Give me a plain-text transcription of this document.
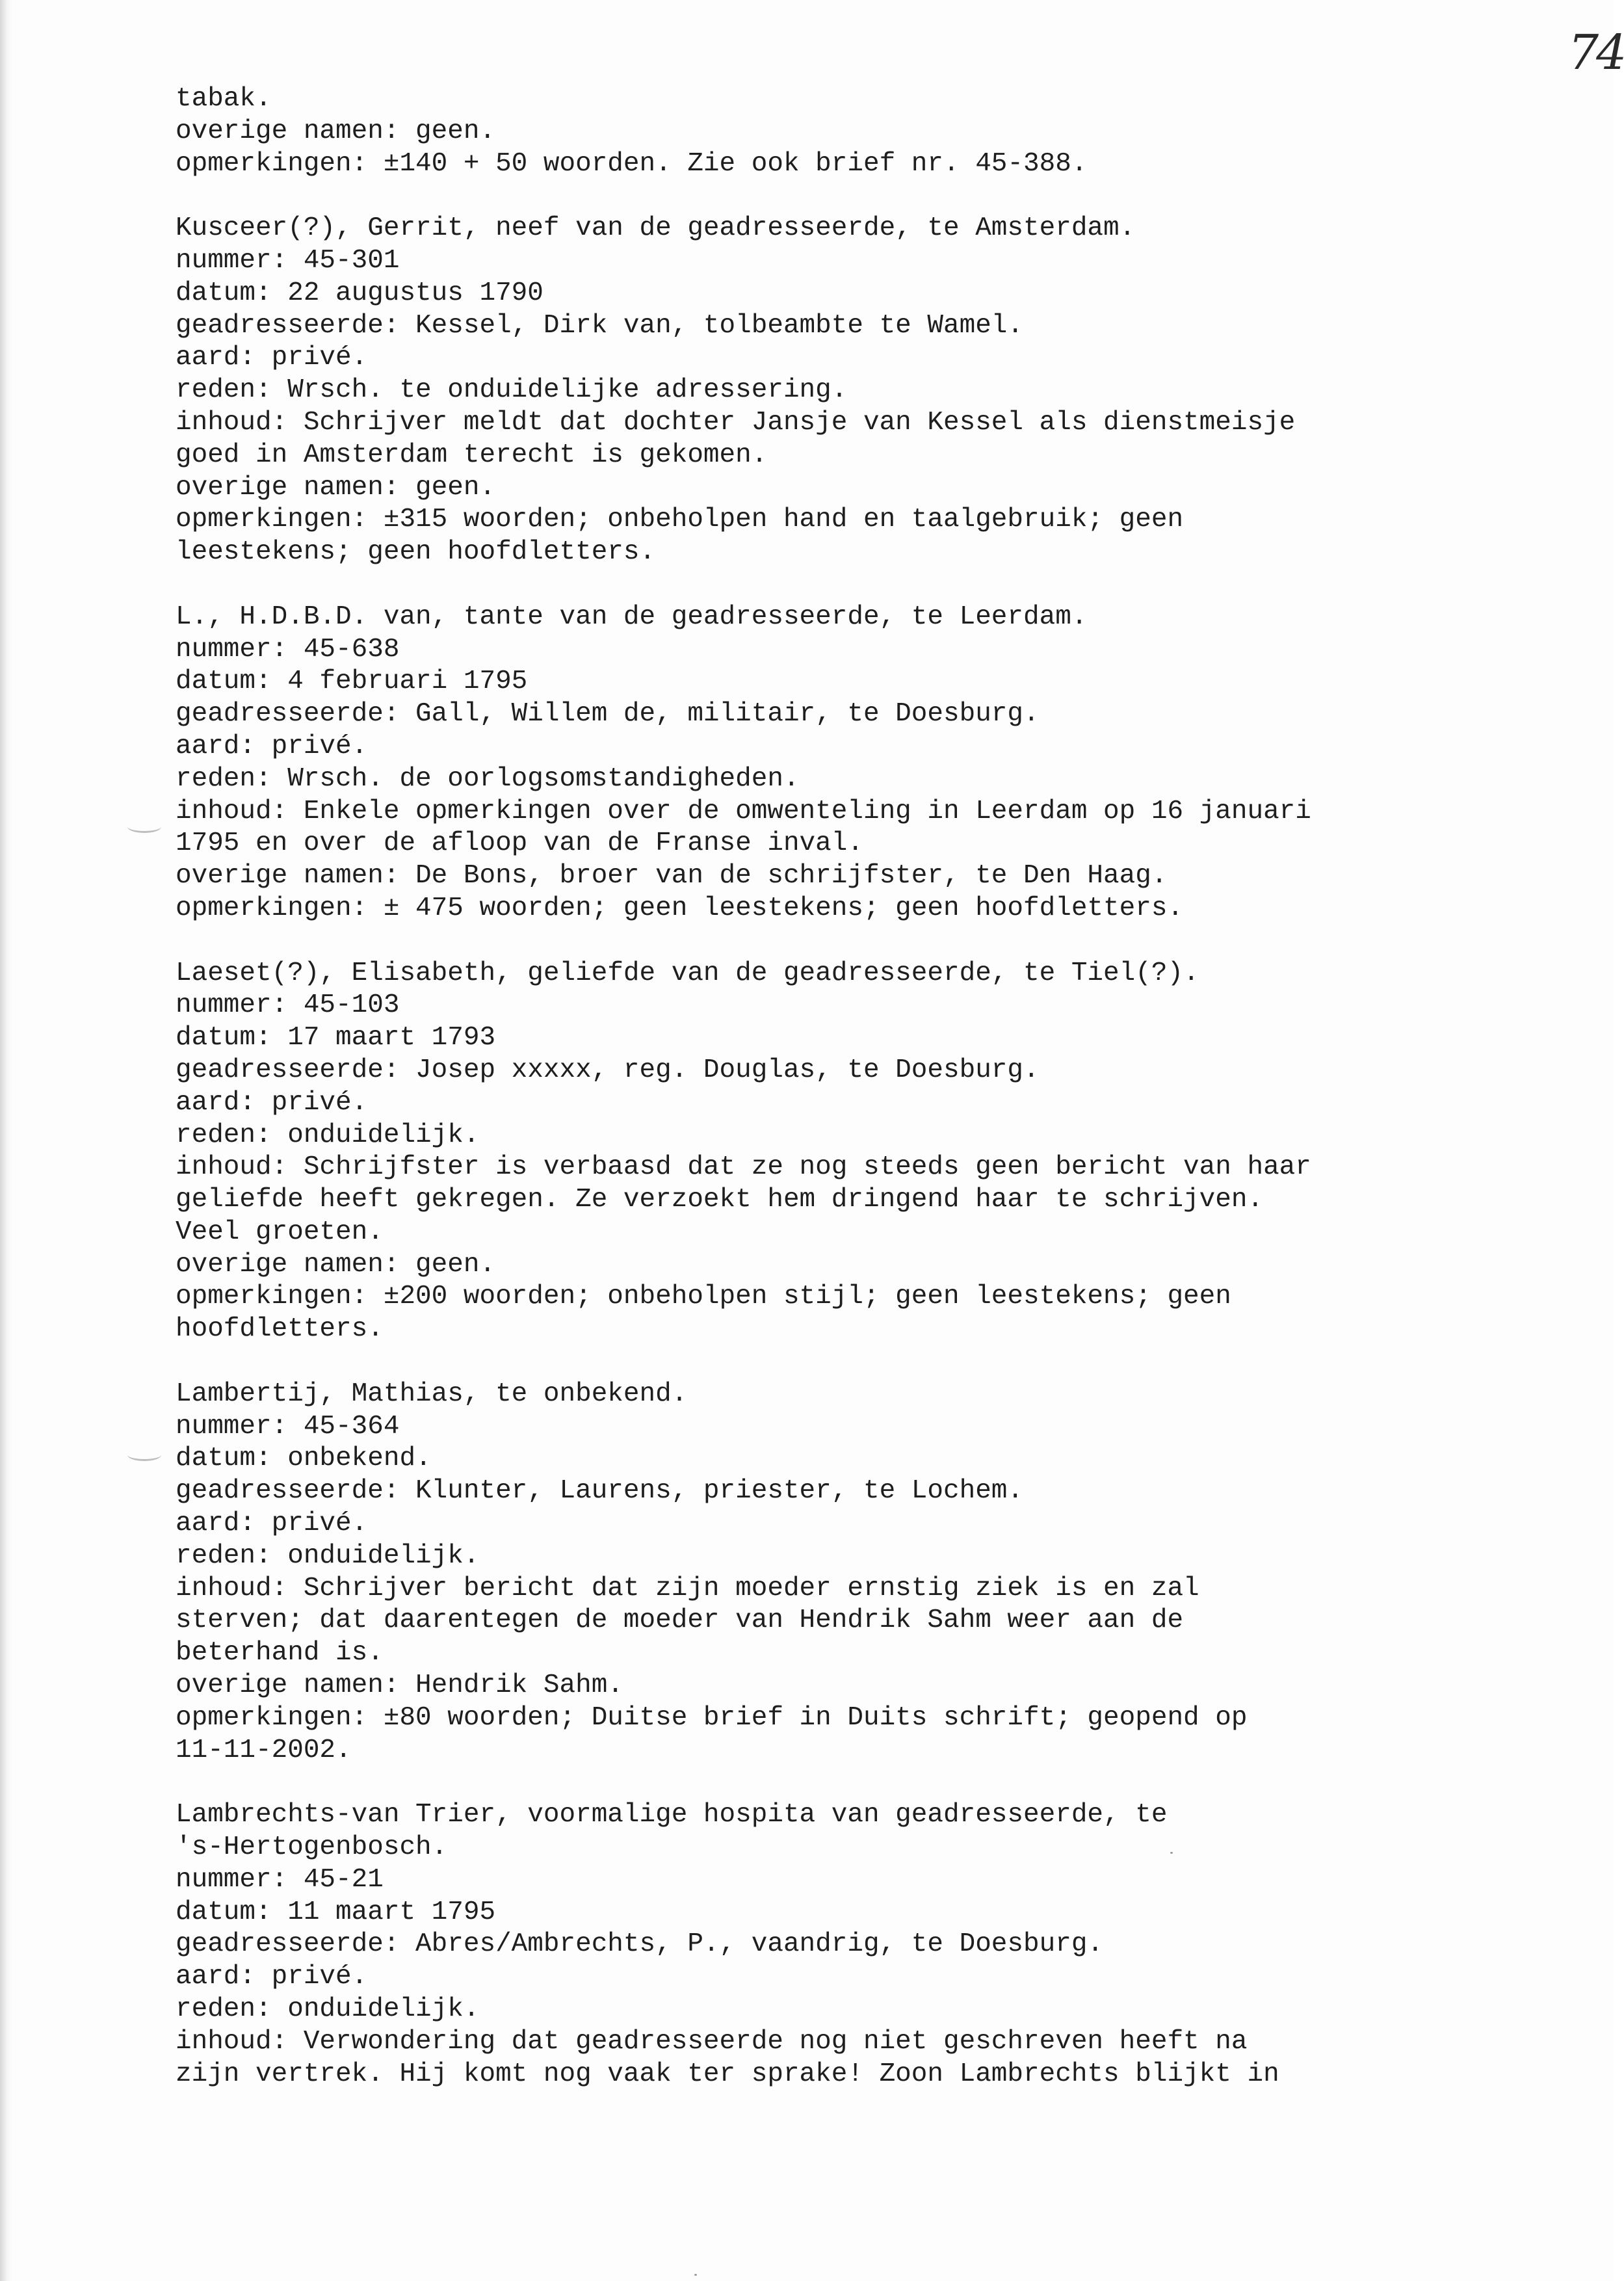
74
tabak.
overige namen: geen.
opmerkingen: ±140 + 50 woorden. Zie ook brief nr. 45-388.
Kusceer(?), Gerrit, neef van de geadresseerde, te Amsterdam.
nummer: 45-301
datum: 22 augustus 1790
geadresseerde: Kessel, Dirk van, tolbeambte te Wamel.
aard: privé.
reden: Wrsch. te onduidelijke adressering.
inhoud: Schrijver meldt dat dochter Jansje van Kessel als dienstmeisje
goed in Amsterdam terecht is gekomen.
overige namen: geen.
opmerkingen: ±315 woorden; onbeholpen hand en taalgebruik; geen
leestekens; geen hoofdletters.
L., H.D.B.D. van, tante van de geadresseerde, te Leerdam.
nummer: 45-638
datum: 4 februari 1795
geadresseerde: Gall, Willem de, militair, te Doesburg.
aard: privé.
reden: Wrsch. de oorlogsomstandigheden.
inhoud: Enkele opmerkingen over de omwenteling in Leerdam op 16 januari
1795 en over de afloop van de Franse inval.
overige namen: De Bons, broer van de schrijfster, te Den Haag.
opmerkingen: ± 475 woorden; geen leestekens; geen hoofdletters.
Laeset(?), Elisabeth, geliefde van de geadresseerde, te Tiel(?).
nummer: 45-103
datum: 17 maart 1793
geadresseerde: Josep xxxxx, reg. Douglas, te Doesburg.
aard: privé.
reden: onduidelijk.
inhoud: Schrijfster is verbaasd dat ze nog steeds geen bericht van haar
geliefde heeft gekregen. Ze verzoekt hem dringend haar te schrijven.
Veel groeten.
overige namen: geen.
opmerkingen: ±200 woorden; onbeholpen stijl; geen leestekens; geen
hoofdletters.
Lambertij, Mathias, te onbekend.
nummer: 45-364
datum: onbekend.
geadresseerde: Klunter, Laurens, priester, te Lochem.
aard: privé.
reden: onduidelijk.
inhoud: Schrijver bericht dat zijn moeder ernstig ziek is en zal
sterven; dat daarentegen de moeder van Hendrik Sahm weer aan de
beterhand is.
overige namen: Hendrik Sahm.
opmerkingen: ±80 woorden; Duitse brief in Duits schrift; geopend op
11-11-2002.
Lambrechts-van Trier, voormalige hospita van geadresseerde, te
's-Hertogenbosch.
nummer: 45-21
datum: 11 maart 1795
geadresseerde: Abres/Ambrechts, P., vaandrig, te Doesburg.
aard: privé.
reden: onduidelijk.
inhoud: Verwondering dat geadresseerde nog niet geschreven heeft na
zijn vertrek. Hij komt nog vaak ter sprake! Zoon Lambrechts blijkt in
